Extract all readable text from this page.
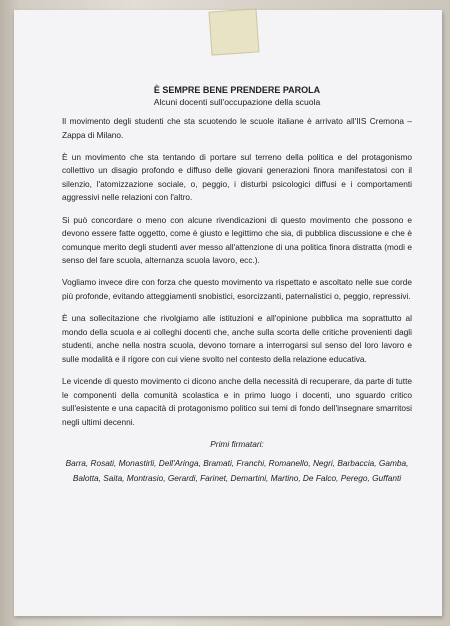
È SEMPRE BENE PRENDERE PAROLA

Alcuni docenti sull'occupazione della scuola

Il movimento degli studenti che sta scuotendo le scuole italiane è arrivato all'IIS Cremona – Zappa di Milano.

È un movimento che sta tentando di portare sul terreno della politica e del protagonismo collettivo un disagio profondo e diffuso delle giovani generazioni finora manifestatosi con il silenzio, l'atomizzazione sociale, o, peggio, i disturbi psicologici diffusi e i comportamenti aggressivi nelle relazioni con l'altro.

Si può concordare o meno con alcune rivendicazioni di questo movimento che possono e devono essere fatte oggetto, come è giusto e legittimo che sia, di pubblica discussione e che è comunque merito degli studenti aver messo all'attenzione di una politica finora distratta (modi e senso del fare scuola, alternanza scuola lavoro, ecc.).

Vogliamo invece dire con forza che questo movimento va rispettato e ascoltato nelle sue corde più profonde, evitando atteggiamenti snobistici, esorcizzanti, paternalistici o, peggio, repressivi.

È una sollecitazione che rivolgiamo alle istituzioni e all'opinione pubblica ma soprattutto al mondo della scuola e ai colleghi docenti che, anche sulla scorta delle critiche provenienti dagli studenti, anche nella nostra scuola, devono tornare a interrogarsi sul senso del loro lavoro e sulle modalità e il rigore con cui viene svolto nel contesto della relazione educativa.

Le vicende di questo movimento ci dicono anche della necessità di recuperare, da parte di tutte le componenti della comunità scolastica e in primo luogo i docenti, uno sguardo critico sull'esistente e una capacità di protagonismo politico sui temi di fondo dell'insegnare smarritosi negli ultimi decenni.

Primi firmatari:

Barra, Rosati, Monastirli, Dell'Aringa, Bramati, Franchi, Romanello, Negri, Barbaccia, Gamba, Balotta, Saita, Montrasio, Gerardi, Farinet, Demartini, Martino, De Falco, Perego, Guffanti
